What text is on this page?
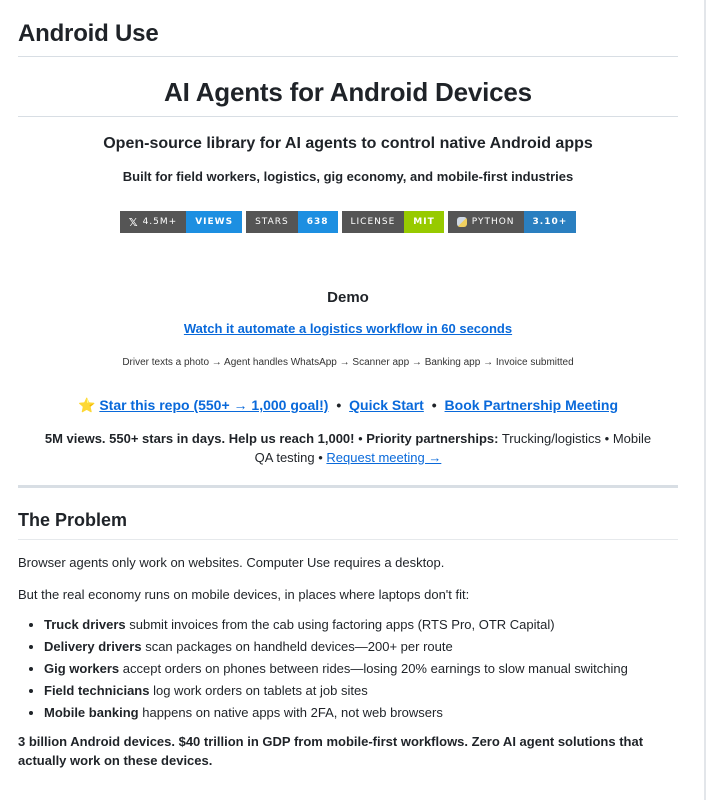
Android Use
AI Agents for Android Devices
Open-source library for AI agents to control native Android apps
Built for field workers, logistics, gig economy, and mobile-first industries
𝕏 4.5M+	VIEWS	STARS	638	LICENSE	MIT	PYTHON	3.10+
Demo
Watch it automate a logistics workflow in 60 seconds
Driver texts a photo → Agent handles WhatsApp → Scanner app → Banking app → Invoice submitted
⭐ Star this repo (550+ → 1,000 goal!) • Quick Start • Book Partnership Meeting
5M views. 550+ stars in days. Help us reach 1,000! • Priority partnerships: Trucking/logistics • Mobile QA testing • Request meeting →
The Problem

Browser agents only work on websites. Computer Use requires a desktop.

But the real economy runs on mobile devices, in places where laptops don't fit:

• Truck drivers submit invoices from the cab using factoring apps (RTS Pro, OTR Capital)
• Delivery drivers scan packages on handheld devices—200+ per route
• Gig workers accept orders on phones between rides—losing 20% earnings to slow manual switching
• Field technicians log work orders on tablets at job sites
• Mobile banking happens on native apps with 2FA, not web browsers

3 billion Android devices. $40 trillion in GDP from mobile-first workflows. Zero AI agent solutions that actually work on these devices.
